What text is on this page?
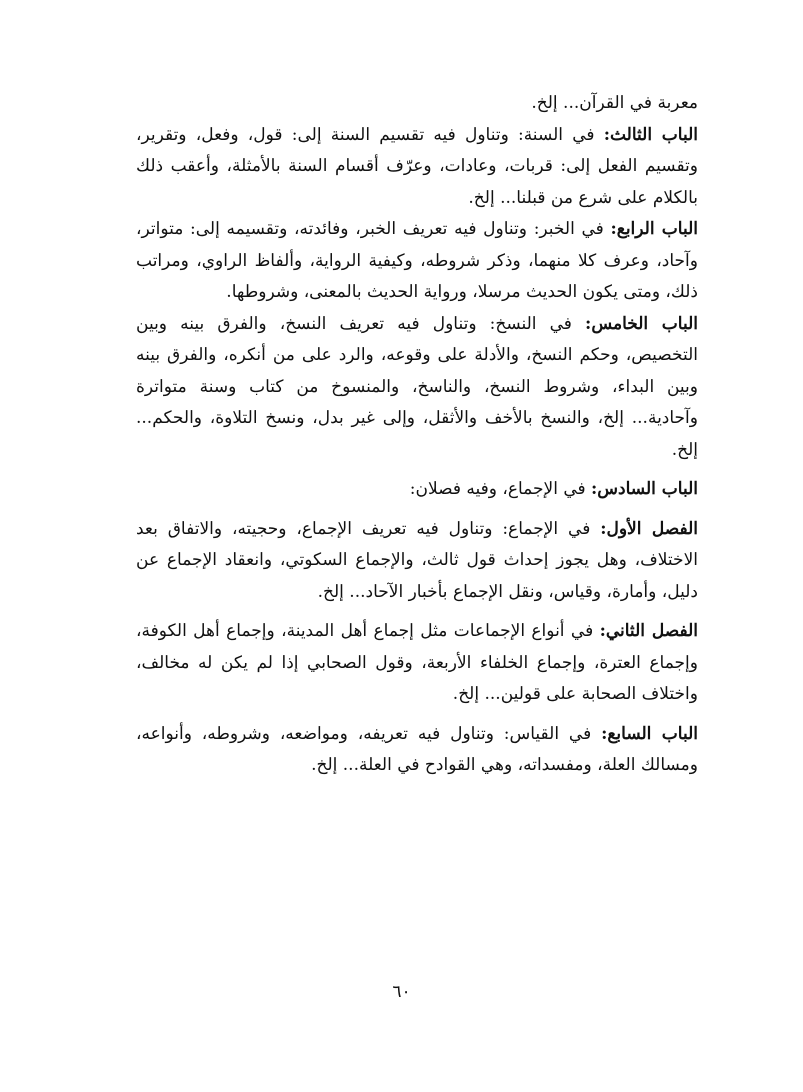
معربة في القرآن... إلخ.

الباب الثالث: في السنة: وتناول فيه تقسيم السنة إلى: قول، وفعل، وتقرير، وتقسيم الفعل إلى: قربات، وعادات، وعرّف أقسام السنة بالأمثلة، وأعقب ذلك بالكلام على شرع من قبلنا... إلخ.

الباب الرابع: في الخبر: وتناول فيه تعريف الخبر، وفائدته، وتقسيمه إلى: متواتر، وآحاد، وعرف كلا منهما، وذكر شروطه، وكيفية الرواية، وألفاظ الراوي، ومراتب ذلك، ومتى يكون الحديث مرسلا، ورواية الحديث بالمعنى، وشروطها.

الباب الخامس: في النسخ: وتناول فيه تعريف النسخ، والفرق بينه وبين التخصيص، وحكم النسخ، والأدلة على وقوعه، والرد على من أنكره، والفرق بينه وبين البداء، وشروط النسخ، والناسخ، والمنسوخ من كتاب وسنة متواترة وآحادية... إلخ، والنسخ بالأخف والأثقل، وإلى غير بدل، ونسخ التلاوة، والحكم... إلخ.

الباب السادس: في الإجماع، وفيه فصلان:

الفصل الأول: في الإجماع: وتناول فيه تعريف الإجماع، وحجيته، والاتفاق بعد الاختلاف، وهل يجوز إحداث قول ثالث، والإجماع السكوتي، وانعقاد الإجماع عن دليل، وأمارة، وقياس، ونقل الإجماع بأخبار الآحاد... إلخ.

الفصل الثاني: في أنواع الإجماعات مثل إجماع أهل المدينة، وإجماع أهل الكوفة، وإجماع العترة، وإجماع الخلفاء الأربعة، وقول الصحابي إذا لم يكن له مخالف، واختلاف الصحابة على قولين... إلخ.

الباب السابع: في القياس: وتناول فيه تعريفه، ومواضعه، وشروطه، وأنواعه، ومسالك العلة، ومفسداته، وهي القوادح في العلة... إلخ.

٦٠
